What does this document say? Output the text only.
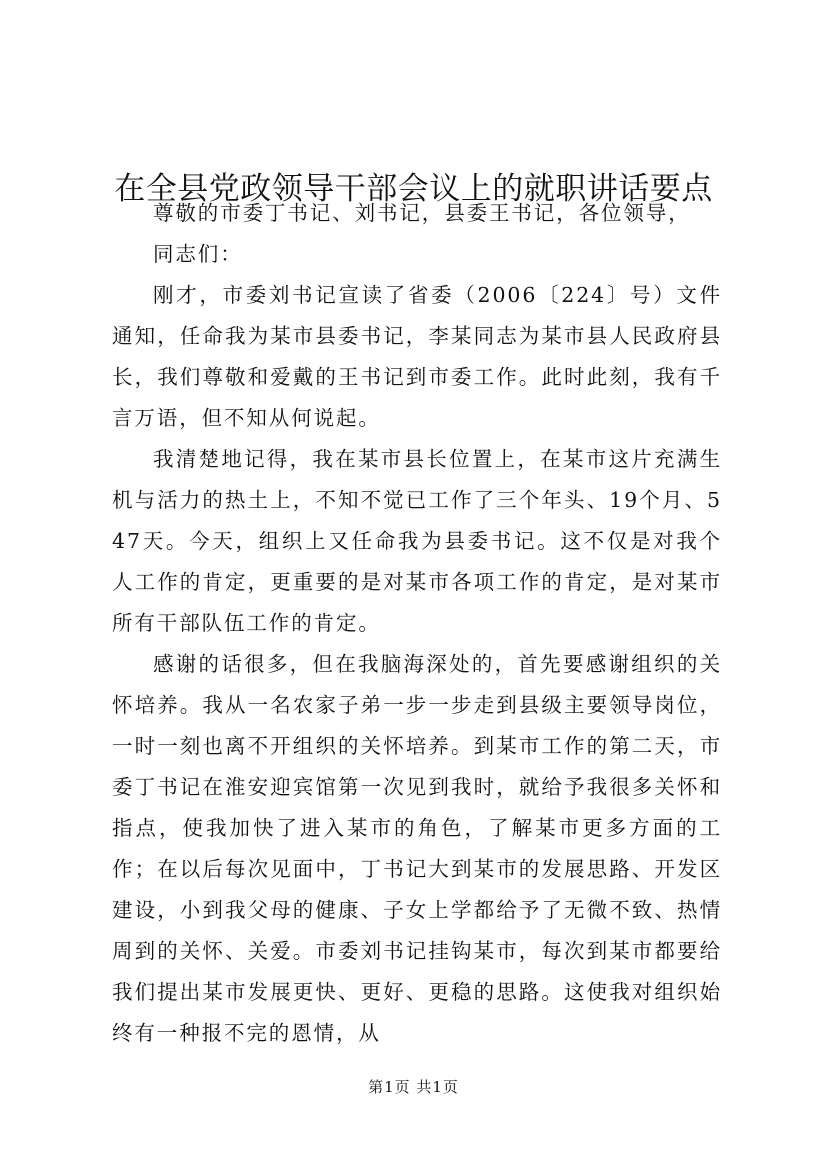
在全县党政领导干部会议上的就职讲话要点

尊敬的市委丁书记、刘书记，县委王书记，各位领导，

同志们：

刚才，市委刘书记宣读了省委（2006〔224〕号）文件通知，任命我为某市县委书记，李某同志为某市县人民政府县长，我们尊敬和爱戴的王书记到市委工作。此时此刻，我有千言万语，但不知从何说起。

我清楚地记得，我在某市县长位置上，在某市这片充满生机与活力的热土上，不知不觉已工作了三个年头、19个月、547天。今天，组织上又任命我为县委书记。这不仅是对我个人工作的肯定，更重要的是对某市各项工作的肯定，是对某市所有干部队伍工作的肯定。

感谢的话很多，但在我脑海深处的，首先要感谢组织的关怀培养。我从一名农家子弟一步一步走到县级主要领导岗位，一时一刻也离不开组织的关怀培养。到某市工作的第二天，市委丁书记在淮安迎宾馆第一次见到我时，就给予我很多关怀和指点，使我加快了进入某市的角色，了解某市更多方面的工作；在以后每次见面中，丁书记大到某市的发展思路、开发区建设，小到我父母的健康、子女上学都给予了无微不致、热情周到的关怀、关爱。市委刘书记挂钩某市，每次到某市都要给我们提出某市发展更快、更好、更稳的思路。这使我对组织始终有一种报不完的恩情，从

第1页 共1页
